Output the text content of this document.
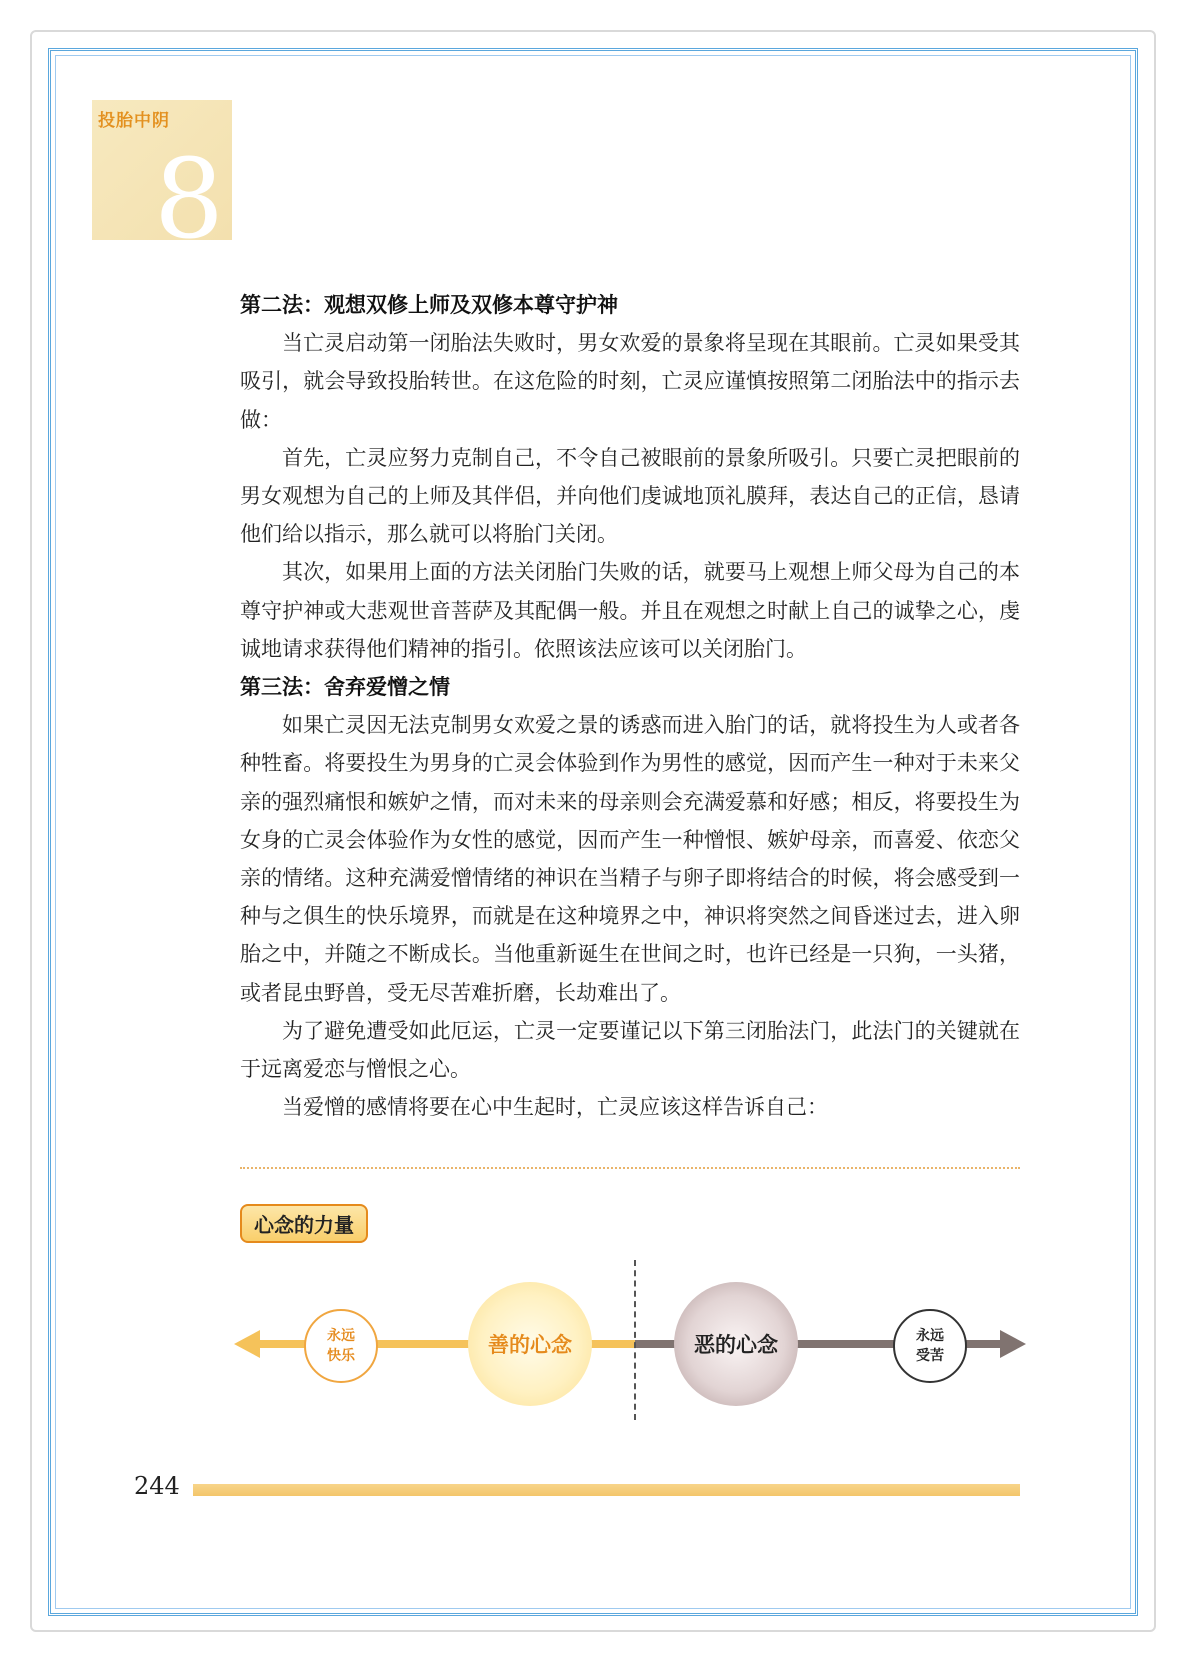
投胎中阴
8
第二法：观想双修上师及双修本尊守护神

当亡灵启动第一闭胎法失败时，男女欢爱的景象将呈现在其眼前。亡灵如果受其吸引，就会导致投胎转世。在这危险的时刻，亡灵应谨慎按照第二闭胎法中的指示去做：

首先，亡灵应努力克制自己，不令自己被眼前的景象所吸引。只要亡灵把眼前的男女观想为自己的上师及其伴侣，并向他们虔诚地顶礼膜拜，表达自己的正信，恳请他们给以指示，那么就可以将胎门关闭。

其次，如果用上面的方法关闭胎门失败的话，就要马上观想上师父母为自己的本尊守护神或大悲观世音菩萨及其配偶一般。并且在观想之时献上自己的诚挚之心，虔诚地请求获得他们精神的指引。依照该法应该可以关闭胎门。

第三法：舍弃爱憎之情

如果亡灵因无法克制男女欢爱之景的诱惑而进入胎门的话，就将投生为人或者各种牲畜。将要投生为男身的亡灵会体验到作为男性的感觉，因而产生一种对于未来父亲的强烈痛恨和嫉妒之情，而对未来的母亲则会充满爱慕和好感；相反，将要投生为女身的亡灵会体验作为女性的感觉，因而产生一种憎恨、嫉妒母亲，而喜爱、依恋父亲的情绪。这种充满爱憎情绪的神识在当精子与卵子即将结合的时候，将会感受到一种与之俱生的快乐境界，而就是在这种境界之中，神识将突然之间昏迷过去，进入卵胎之中，并随之不断成长。当他重新诞生在世间之时，也许已经是一只狗，一头猪，或者昆虫野兽，受无尽苦难折磨，长劫难出了。

为了避免遭受如此厄运，亡灵一定要谨记以下第三闭胎法门，此法门的关键就在于远离爱恋与憎恨之心。

当爱憎的感情将要在心中生起时，亡灵应该这样告诉自己：

心念的力量
永远
快乐	善的心念	恶的心念	永远
受苦
244
